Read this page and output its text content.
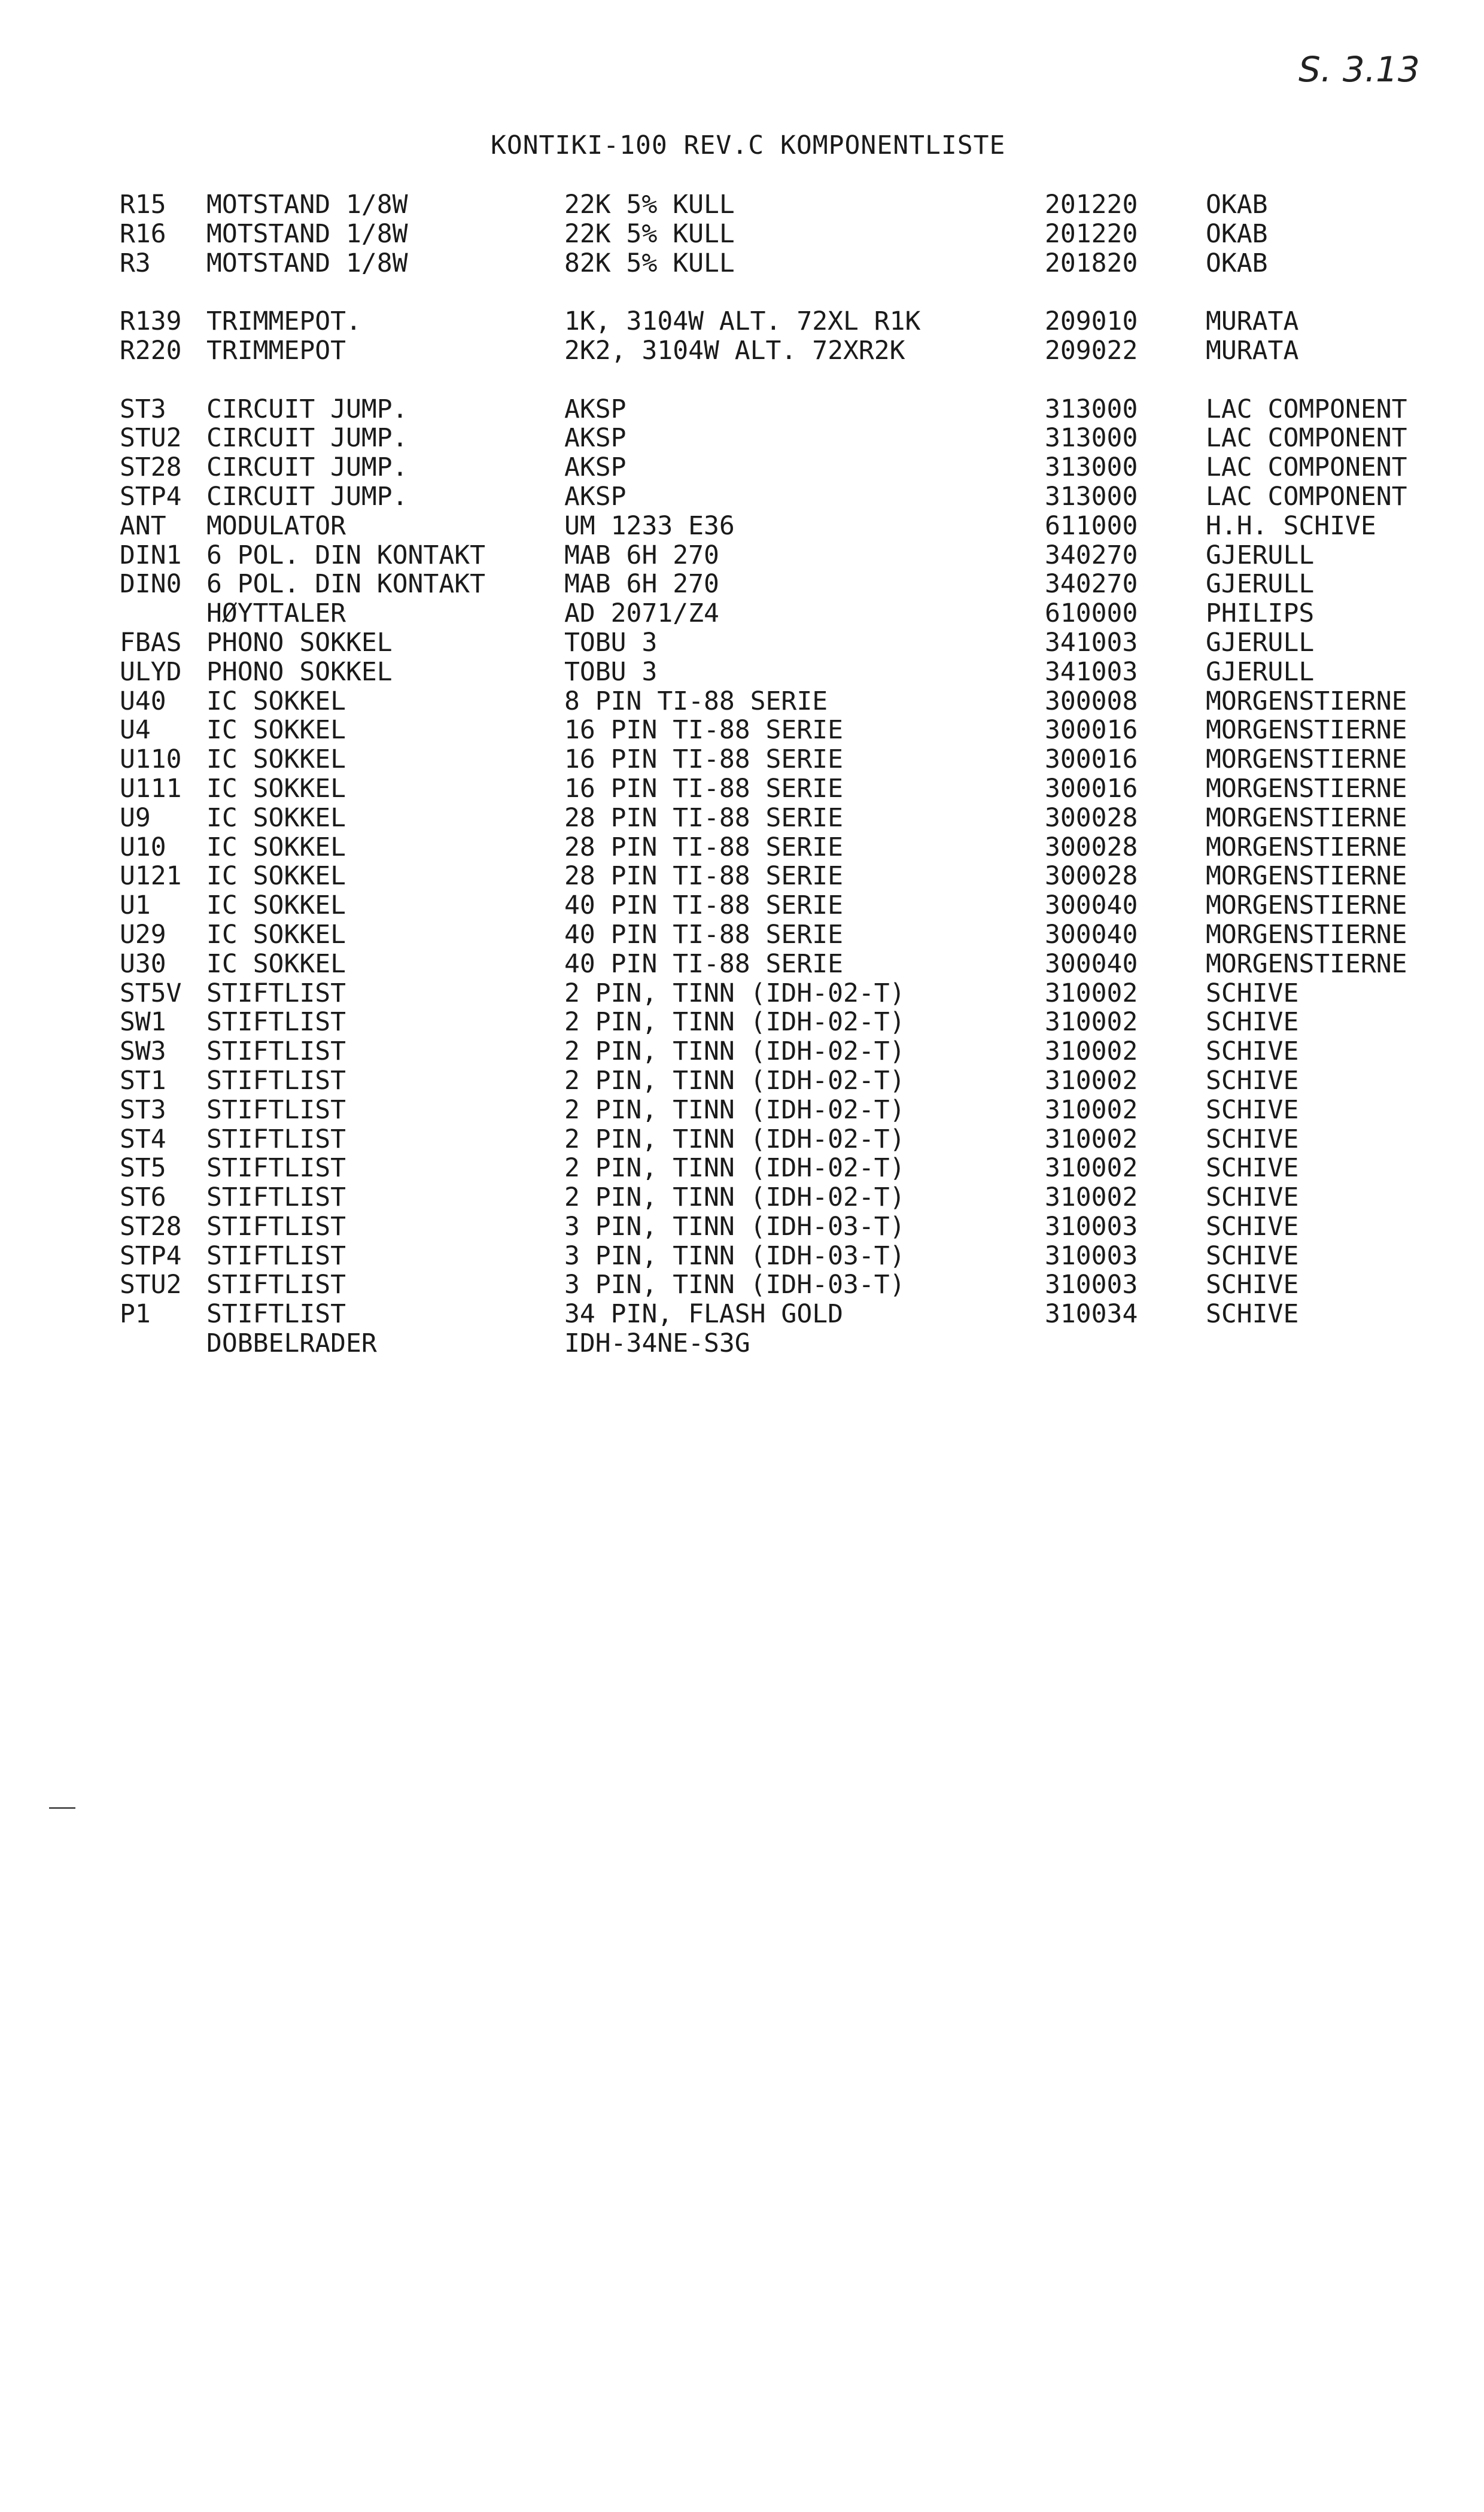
S. 3.13
KONTIKI-100 REV.C KOMPONENTLISTE
R15 MOTSTAND 1/8W	22K 5% KULL	201220	OKAB
R16 MOTSTAND 1/8W	22K 5% KULL	201220	OKAB
R3 MOTSTAND 1/8W	82K 5% KULL	201820	OKAB
R139 TRIMMEPOT.	1K, 3104W ALT. 72XL R1K	209010	MURATA
R220 TRIMMEPOT	2K2, 3104W ALT. 72XR2K	209022	MURATA
ST3 CIRCUIT JUMP.	AKSP	313000	LAC COMPONENT
STU2 CIRCUIT JUMP.	AKSP	313000	LAC COMPONENT
ST28 CIRCUIT JUMP.	AKSP	313000	LAC COMPONENT
STP4 CIRCUIT JUMP.	AKSP	313000	LAC COMPONENT
ANT MODULATOR	UM 1233 E36	611000	H.H. SCHIVE
DIN1 6 POL. DIN KONTAKT	MAB 6H 270	340270	GJERULL
DIN0 6 POL. DIN KONTAKT	MAB 6H 270	340270	GJERULL
HØYTTALER	AD 2071/Z4	610000	PHILIPS
FBAS PHONO SOKKEL	TOBU 3	341003	GJERULL
ULYD PHONO SOKKEL	TOBU 3	341003	GJERULL
U40 IC SOKKEL	8 PIN TI-88 SERIE	300008	MORGENSTIERNE
U4 IC SOKKEL	16 PIN TI-88 SERIE	300016	MORGENSTIERNE
U110 IC SOKKEL	16 PIN TI-88 SERIE	300016	MORGENSTIERNE
U111 IC SOKKEL	16 PIN TI-88 SERIE	300016	MORGENSTIERNE
U9 IC SOKKEL	28 PIN TI-88 SERIE	300028	MORGENSTIERNE
U10 IC SOKKEL	28 PIN TI-88 SERIE	300028	MORGENSTIERNE
U121 IC SOKKEL	28 PIN TI-88 SERIE	300028	MORGENSTIERNE
U1 IC SOKKEL	40 PIN TI-88 SERIE	300040	MORGENSTIERNE
U29 IC SOKKEL	40 PIN TI-88 SERIE	300040	MORGENSTIERNE
U30 IC SOKKEL	40 PIN TI-88 SERIE	300040	MORGENSTIERNE
ST5V STIFTLIST	2 PIN, TINN (IDH-02-T)	310002	SCHIVE
SW1 STIFTLIST	2 PIN, TINN (IDH-02-T)	310002	SCHIVE
SW3 STIFTLIST	2 PIN, TINN (IDH-02-T)	310002	SCHIVE
ST1 STIFTLIST	2 PIN, TINN (IDH-02-T)	310002	SCHIVE
ST3 STIFTLIST	2 PIN, TINN (IDH-02-T)	310002	SCHIVE
ST4 STIFTLIST	2 PIN, TINN (IDH-02-T)	310002	SCHIVE
ST5 STIFTLIST	2 PIN, TINN (IDH-02-T)	310002	SCHIVE
ST6 STIFTLIST	2 PIN, TINN (IDH-02-T)	310002	SCHIVE
ST28 STIFTLIST	3 PIN, TINN (IDH-03-T)	310003	SCHIVE
STP4 STIFTLIST	3 PIN, TINN (IDH-03-T)	310003	SCHIVE
STU2 STIFTLIST	3 PIN, TINN (IDH-03-T)	310003	SCHIVE
P1 STIFTLIST	34 PIN, FLASH GOLD	310034	SCHIVE
DOBBELRADER	IDH-34NE-S3G
